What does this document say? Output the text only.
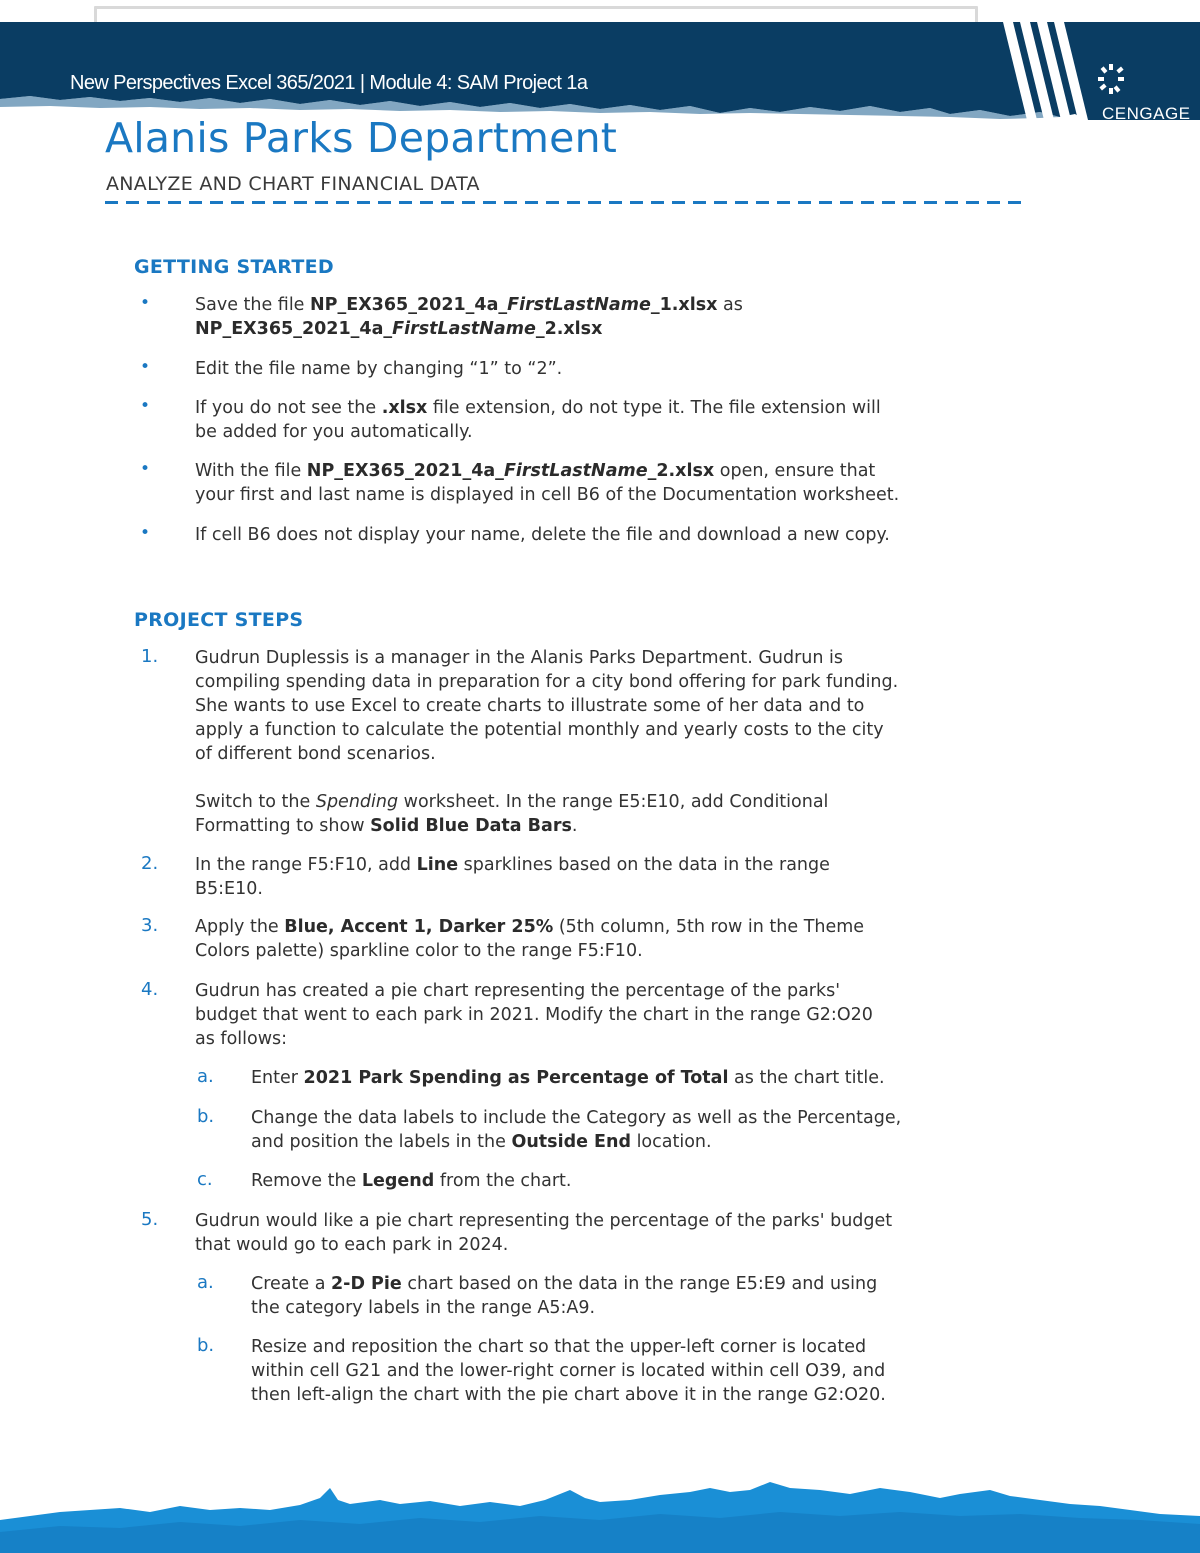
New Perspectives Excel 365/2021 | Module 4: SAM Project 1a
CENGAGE
Alanis Parks Department
ANALYZE AND CHART FINANCIAL DATA
GETTING STARTED
•	Save the file NP_EX365_2021_4a_FirstLastName_1.xlsx as
NP_EX365_2021_4a_FirstLastName_2.xlsx
•	Edit the file name by changing “1” to “2”.
•	If you do not see the .xlsx file extension, do not type it. The file extension will
be added for you automatically.
•	With the file NP_EX365_2021_4a_FirstLastName_2.xlsx open, ensure that
your first and last name is displayed in cell B6 of the Documentation worksheet.
•	If cell B6 does not display your name, delete the file and download a new copy.
PROJECT STEPS
1. Gudrun Duplessis is a manager in the Alanis Parks Department. Gudrun is
compiling spending data in preparation for a city bond offering for park funding.
She wants to use Excel to create charts to illustrate some of her data and to
apply a function to calculate the potential monthly and yearly costs to the city
of different bond scenarios.
Switch to the Spending worksheet. In the range E5:E10, add Conditional
Formatting to show Solid Blue Data Bars.
2. In the range F5:F10, add Line sparklines based on the data in the range
B5:E10.
3. Apply the Blue, Accent 1, Darker 25% (5th column, 5th row in the Theme
Colors palette) sparkline color to the range F5:F10.
4. Gudrun has created a pie chart representing the percentage of the parks'
budget that went to each park in 2021. Modify the chart in the range G2:O20
as follows:
a. Enter 2021 Park Spending as Percentage of Total as the chart title.
b. Change the data labels to include the Category as well as the Percentage,
and position the labels in the Outside End location.
c. Remove the Legend from the chart.
5. Gudrun would like a pie chart representing the percentage of the parks' budget
that would go to each park in 2024.
a. Create a 2-D Pie chart based on the data in the range E5:E9 and using
the category labels in the range A5:A9.
b. Resize and reposition the chart so that the upper-left corner is located
within cell G21 and the lower-right corner is located within cell O39, and
then left-align the chart with the pie chart above it in the range G2:O20.
